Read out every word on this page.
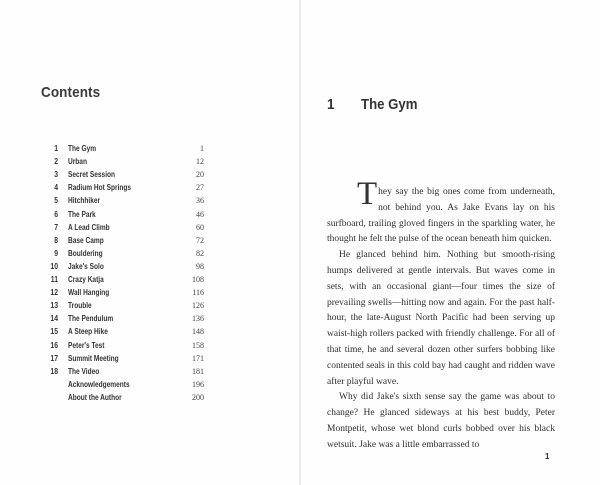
Contents
1 The Gym	1
2 Urban	12
3 Secret Session	20
4 Radium Hot Springs	27
5 Hitchhiker	36
6 The Park	46
7 A Lead Climb	60
8 Base Camp	72
9 Bouldering	82
10 Jake's Solo	98
11 Crazy Katja	108
12 Wall Hanging	116
13 Trouble	126
14 The Pendulum	136
15 A Steep Hike	148
16 Peter's Test	158
17 Summit Meeting	171
18 The Video	181
Acknowledgements	196
About the Author	200
1 The Gym

They say the big ones come from underneath, not behind you. As Jake Evans lay on his surfboard, trailing gloved fingers in the sparkling water, he thought he felt the pulse of the ocean beneath him quicken.

He glanced behind him. Nothing but smooth-rising humps delivered at gentle intervals. But waves come in sets, with an occasional giant—four times the size of prevailing swells—hitting now and again. For the past half-hour, the late-August North Pacific had been serving up waist-high rollers packed with friendly challenge. For all of that time, he and several dozen other surfers bobbing like contented seals in this cold bay had caught and ridden wave after playful wave.

Why did Jake's sixth sense say the game was about to change? He glanced sideways at his best buddy, Peter Montpetit, whose wet blond curls bobbed over his black wetsuit. Jake was a little embarrassed to

1
